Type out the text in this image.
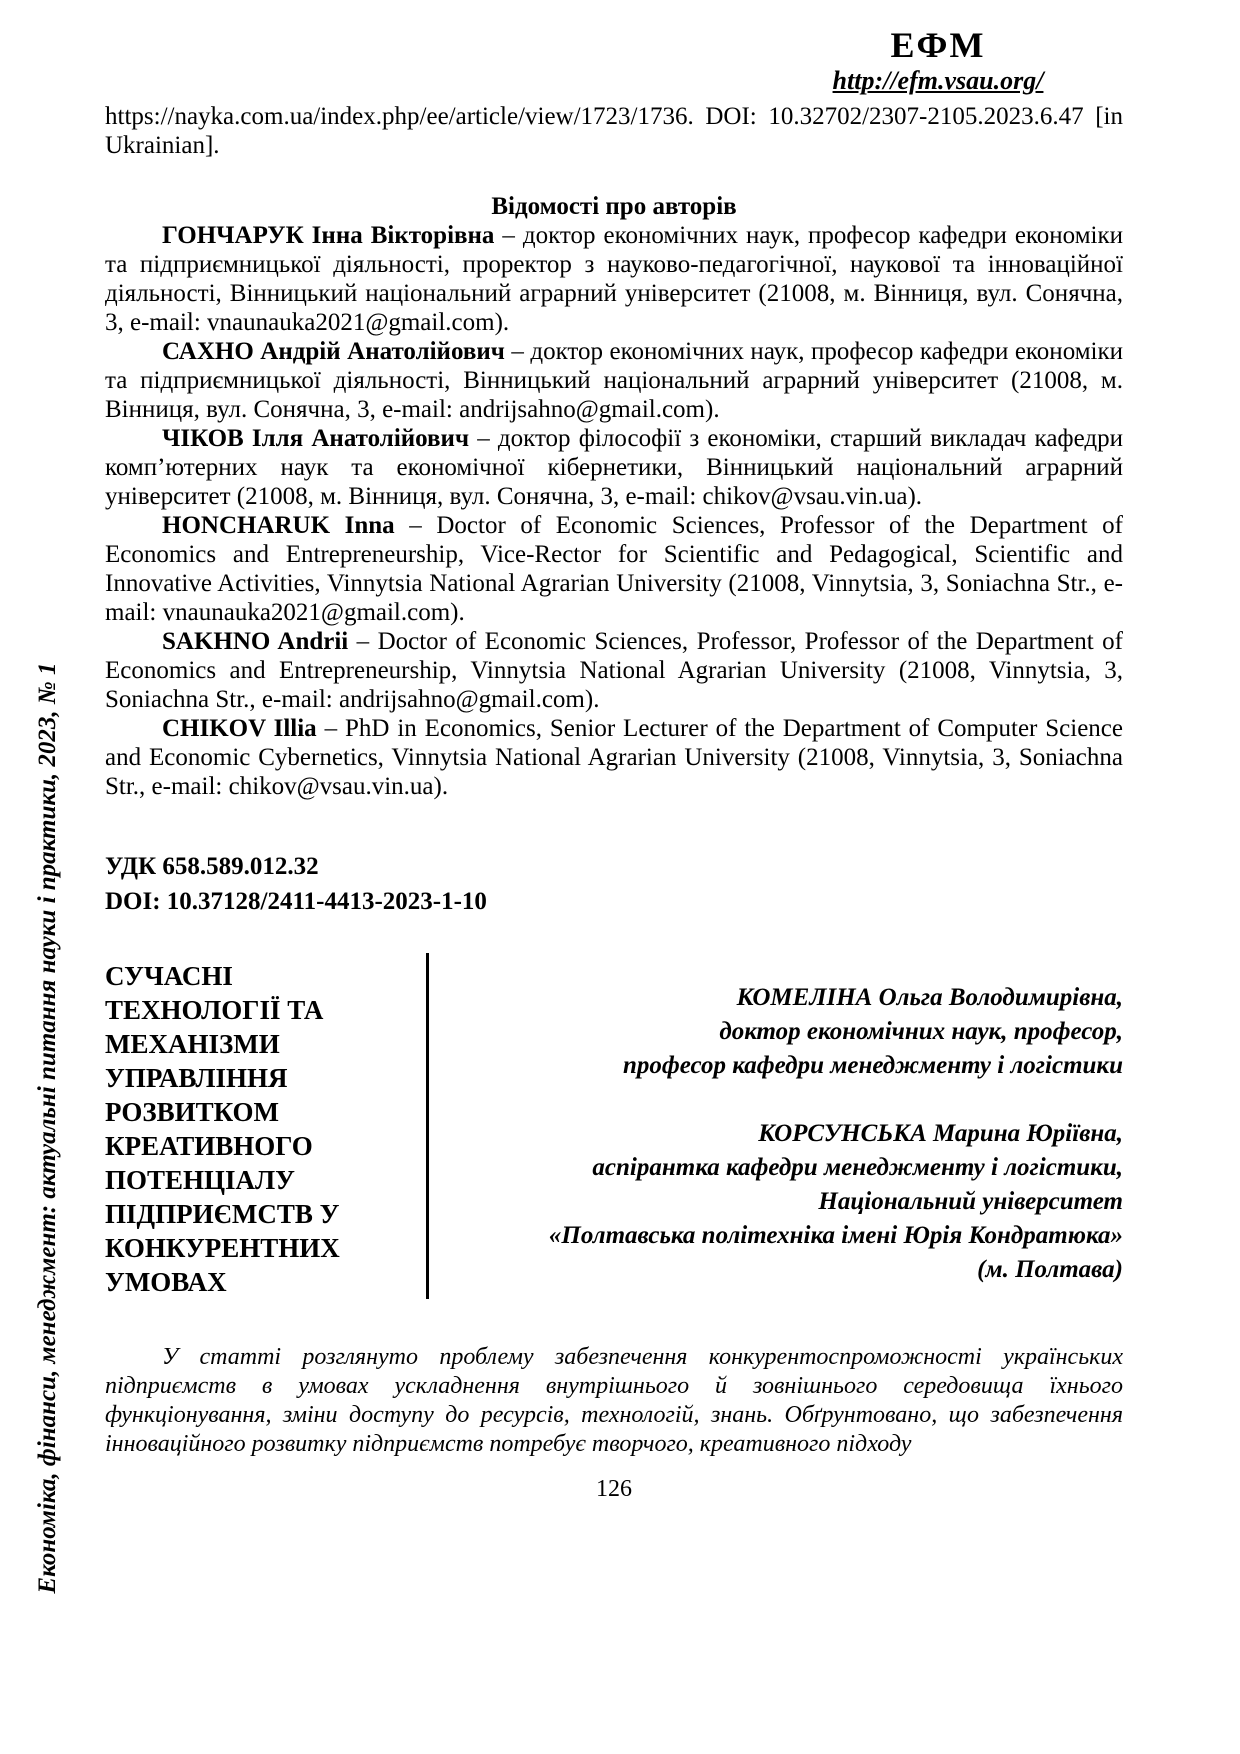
Економіка, фінанси, менеджмент: актуальні питання науки і практики, 2023, № 1
ЕФМ
http://efm.vsau.org/

https://nayka.com.ua/index.php/ee/article/view/1723/1736. DOI: 10.32702/2307-2105.2023.6.47 [in Ukrainian].

Відомості про авторів

ГОНЧАРУК Інна Вікторівна – доктор економічних наук, професор кафедри економіки та підприємницької діяльності, проректор з науково-педагогічної, наукової та інноваційної діяльності, Вінницький національний аграрний університет (21008, м. Вінниця, вул. Сонячна, 3, e-mail: vnaunauka2021@gmail.com).

САХНО Андрій Анатолійович – доктор економічних наук, професор кафедри економіки та підприємницької діяльності, Вінницький національний аграрний університет (21008, м. Вінниця, вул. Сонячна, 3, e-mail: andrijsahno@gmail.com).

ЧІКОВ Ілля Анатолійович – доктор філософії з економіки, старший викладач кафедри комп’ютерних наук та економічної кібернетики, Вінницький національний аграрний університет (21008, м. Вінниця, вул. Сонячна, 3, e-mail: chikov@vsau.vin.ua).

HONCHARUK Inna – Doctor of Economic Sciences, Professor of the Department of Economics and Entrepreneurship, Vice-Rector for Scientific and Pedagogical, Scientific and Innovative Activities, Vinnytsia National Agrarian University (21008, Vinnytsia, 3, Soniachna Str., e-mail: vnaunauka2021@gmail.com).

SAKHNO Andrii – Doctor of Economic Sciences, Professor, Professor of the Department of Economics and Entrepreneurship, Vinnytsia National Agrarian University (21008, Vinnytsia, 3, Soniachna Str., e-mail: andrijsahno@gmail.com).

CHIKOV Illia – PhD in Economics, Senior Lecturer of the Department of Computer Science and Economic Cybernetics, Vinnytsia National Agrarian University (21008, Vinnytsia, 3, Soniachna Str., e-mail: chikov@vsau.vin.ua).

УДК 658.589.012.32
DOI: 10.37128/2411-4413-2023-1-10
СУЧАСНІ ТЕХНОЛОГІЇ ТА МЕХАНІЗМИ УПРАВЛІННЯ РОЗВИТКОМ КРЕАТИВНОГО ПОТЕНЦІАЛУ ПІДПРИЄМСТВ У КОНКУРЕНТНИХ УМОВАХ
КОМЕЛІНА Ольга Володимирівна,
доктор економічних наук, професор,
професор кафедри менеджменту і логістики
КОРСУНСЬКА Марина Юріївна,
аспірантка кафедри менеджменту і логістики,
Національний університет
«Полтавська політехніка імені Юрія Кондратюка»
(м. Полтава)

У статті розглянуто проблему забезпечення конкурентоспроможності українських підприємств в умовах ускладнення внутрішнього й зовнішнього середовища їхнього функціонування, зміни доступу до ресурсів, технологій, знань. Обґрунтовано, що забезпечення інноваційного розвитку підприємств потребує творчого, креативного підходу

126
